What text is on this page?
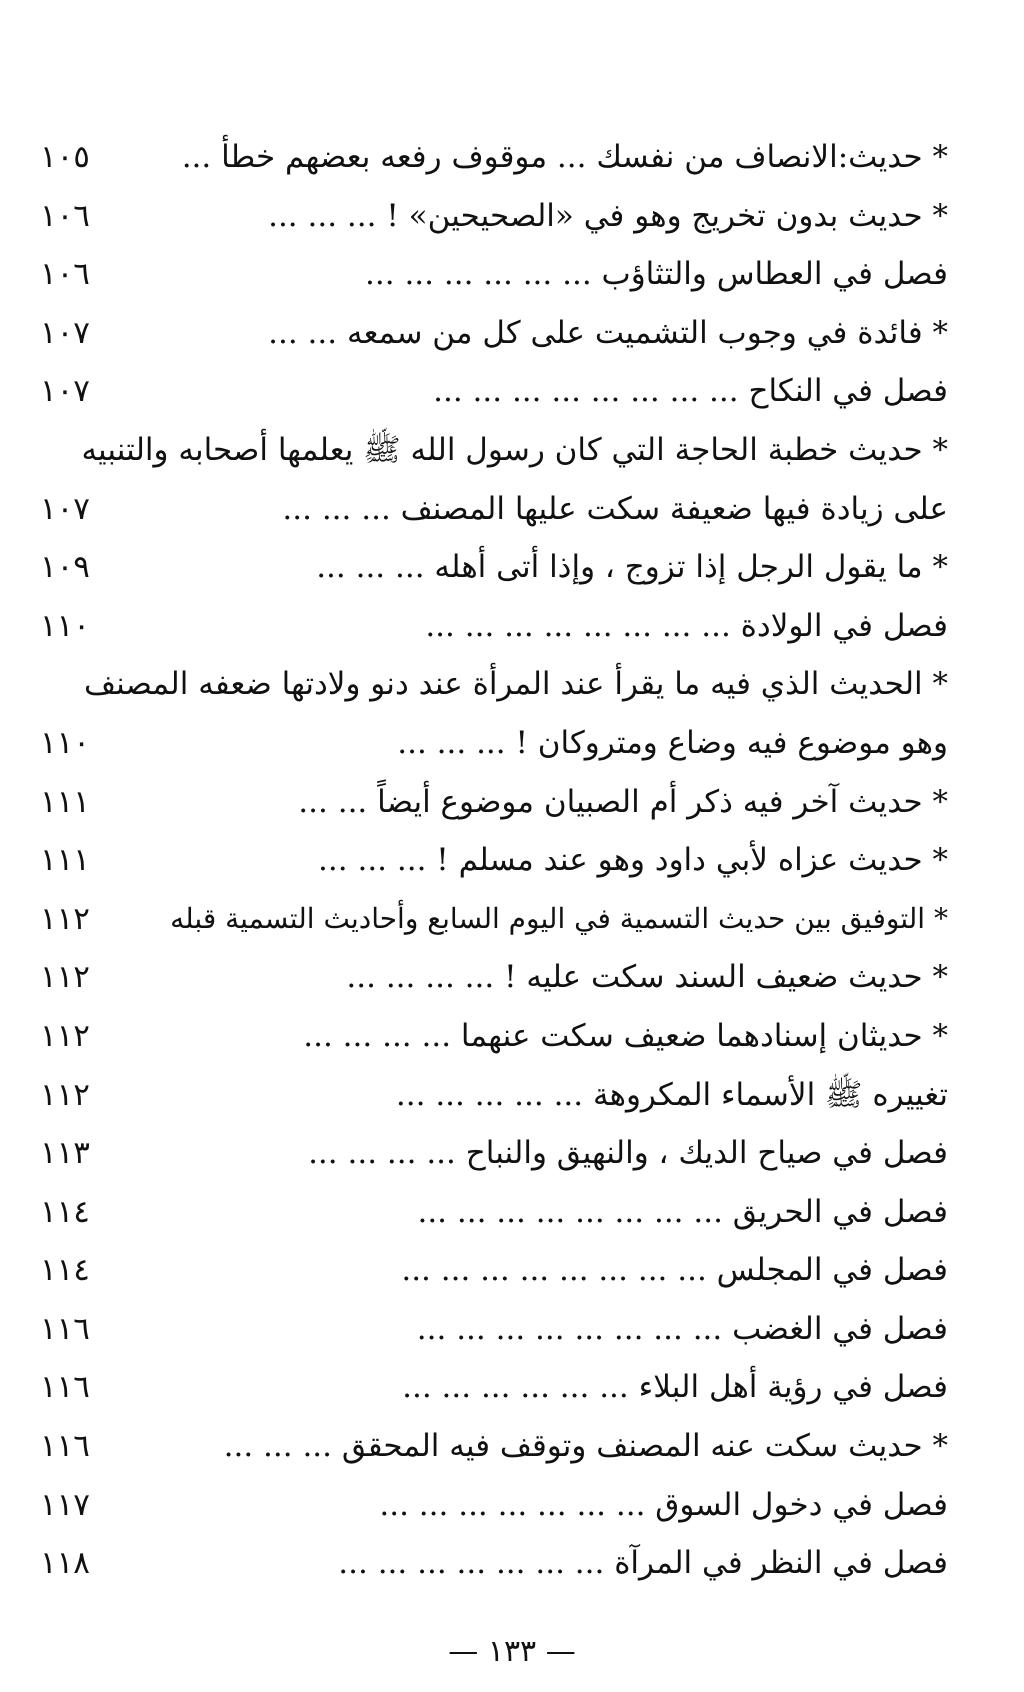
* حديث:الانصاف من نفسك ... موقوف رفعه بعضهم خطأ ...
١٠٥
* حديث بدون تخريج وهو في «الصحيحين» ! ... ... ...
١٠٦
فصل في العطاس والتثاؤب ... ... ... ... ... ...
١٠٦
* فائدة في وجوب التشميت على كل من سمعه ... ...
١٠٧
فصل في النكاح ... ... ... ... ... ... ... ...
١٠٧
* حديث خطبة الحاجة التي كان رسول الله ﷺ يعلمها أصحابه والتنبيه
على زيادة فيها ضعيفة سكت عليها المصنف ... ... ...
١٠٧
* ما يقول الرجل إذا تزوج ، وإذا أتى أهله ... ... ...
١٠٩
فصل في الولادة ... ... ... ... ... ... ... ...
١١٠
* الحديث الذي فيه ما يقرأ عند المرأة عند دنو ولادتها ضعفه المصنف
وهو موضوع فيه وضاع ومتروكان ! ... ... ...
١١٠
* حديث آخر فيه ذكر أم الصبيان موضوع أيضاً ... ...
١١١
* حديث عزاه لأبي داود وهو عند مسلم ! ... ... ...
١١١
* التوفيق بين حديث التسمية في اليوم السابع وأحاديث التسمية قبله
١١٢
* حديث ضعيف السند سكت عليه ! ... ... ... ...
١١٢
* حديثان إسنادهما ضعيف سكت عنهما ... ... ... ...
١١٢
تغييره ﷺ الأسماء المكروهة ... ... ... ... ...
١١٢
فصل في صياح الديك ، والنهيق والنباح ... ... ... ...
١١٣
فصل في الحريق ... ... ... ... ... ... ... ...
١١٤
فصل في المجلس ... ... ... ... ... ... ... ...
١١٤
فصل في الغضب ... ... ... ... ... ... ... ...
١١٦
فصل في رؤية أهل البلاء ... ... ... ... ... ...
١١٦
* حديث سكت عنه المصنف وتوقف فيه المحقق ... ... ...
١١٦
فصل في دخول السوق ... ... ... ... ... ... ...
١١٧
فصل في النظر في المرآة ... ... ... ... ... ... ...
١١٨
— ١٣٣ —
